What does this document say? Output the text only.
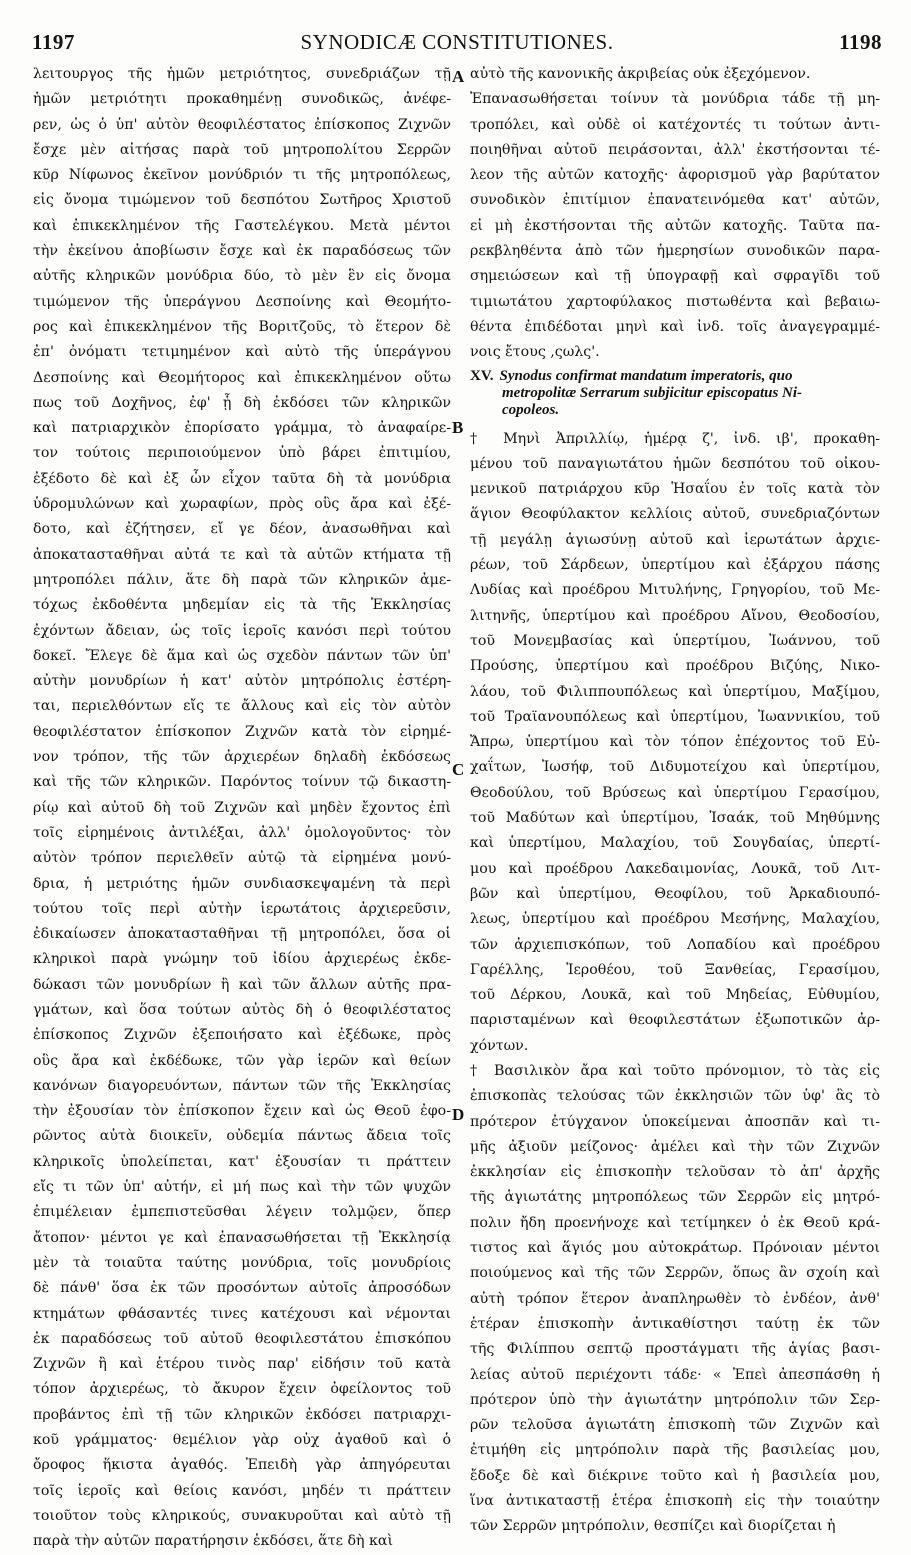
1197	SYNODICÆ CONSTITUTIONES.	1198
λειτουργος τῆς ἡμῶν μετριότητος, συνεδριάζων τῇ
ἡμῶν μετριότητι προκαθημένῃ συνοδικῶς, ἀνέφε-
ρεν, ὡς ὁ ὑπ' αὐτὸν θεοφιλέστατος ἐπίσκοπος Ζιχνῶν
ἔσχε μὲν αἰτήσας παρὰ τοῦ μητροπολίτου Σερρῶν
κῦρ Νίφωνος ἐκεῖνον μονύδριόν τι τῆς μητροπόλεως,
εἰς ὄνομα τιμώμενον τοῦ δεσπότου Σωτῆρος Χριστοῦ
καὶ ἐπικεκλημένον τῆς Γαστελέγκου. Μετὰ μέντοι
τὴν ἐκείνου ἀποβίωσιν ἔσχε καὶ ἐκ παραδόσεως τῶν
αὐτῆς κληρικῶν μονύδρια δύο, τὸ μὲν ἓν εἰς ὄνομα
τιμώμενον τῆς ὑπεράγνου Δεσποίνης καὶ Θεομήτο-
ρος καὶ ἐπικεκλημένον τῆς Βοριτζοῦς, τὸ ἕτερον δὲ
ἐπ' ὀνόματι τετιμημένον καὶ αὐτὸ τῆς ὑπεράγνου
Δεσποίνης καὶ Θεομήτορος καὶ ἐπικεκλημένον οὕτω
πως τοῦ Δοχῆνος, ἐφ' ᾗ δὴ ἐκδόσει τῶν κληρικῶν
καὶ πατριαρχικὸν ἐπορίσατο γράμμα, τὸ ἀναφαίρε-
τον τούτοις περιποιούμενον ὑπὸ βάρει ἐπιτιμίου,
ἐξέδοτο δὲ καὶ ἐξ ὧν εἶχον ταῦτα δὴ τὰ μονύδρια
ὑδρομυλώνων καὶ χωραφίων, πρὸς οὓς ἄρα καὶ ἐξέ-
δοτο, καὶ ἐζήτησεν, εἴ γε δέον, ἀνασωθῆναι καὶ
ἀποκατασταθῆναι αὐτά τε καὶ τὰ αὐτῶν κτήματα τῇ
μητροπόλει πάλιν, ἅτε δὴ παρὰ τῶν κληρικῶν ἀμε-
τόχως ἐκδοθέντα μηδεμίαν εἰς τὰ τῆς Ἐκκλησίας
ἐχόντων ἄδειαν, ὡς τοῖς ἱεροῖς κανόσι περὶ τούτου
δοκεῖ. Ἔλεγε δὲ ἅμα καὶ ὡς σχεδὸν πάντων τῶν ὑπ'
αὐτὴν μονυδρίων ἡ κατ' αὐτὸν μητρόπολις ἐστέρη-
ται, περιελθόντων εἴς τε ἄλλους καὶ εἰς τὸν αὐτὸν
θεοφιλέστατον ἐπίσκοπον Ζιχνῶν κατὰ τὸν εἰρημέ-
νον τρόπον, τῆς τῶν ἀρχιερέων δηλαδὴ ἐκδόσεως
καὶ τῆς τῶν κληρικῶν. Παρόντος τοίνυν τῷ δικαστη-
ρίῳ καὶ αὐτοῦ δὴ τοῦ Ζιχνῶν καὶ μηδὲν ἔχοντος ἐπὶ
τοῖς εἰρημένοις ἀντιλέξαι, ἀλλ' ὁμολογοῦντος· τὸν
αὐτὸν τρόπον περιελθεῖν αὐτῷ τὰ εἰρημένα μονύ-
δρια, ἡ μετριότης ἡμῶν συνδιασκεψαμένη τὰ περὶ
τούτου τοῖς περὶ αὐτὴν ἱερωτάτοις ἀρχιερεῦσιν,
ἐδικαίωσεν ἀποκατασταθῆναι τῇ μητροπόλει, ὅσα οἱ
κληρικοὶ παρὰ γνώμην τοῦ ἰδίου ἀρχιερέως ἐκδε-
δώκασι τῶν μονυδρίων ἢ καὶ τῶν ἄλλων αὐτῆς πρα-
γμάτων, καὶ ὅσα τούτων αὐτὸς δὴ ὁ θεοφιλέστατος
ἐπίσκοπος Ζιχνῶν ἐξεποιήσατο καὶ ἐξέδωκε, πρὸς
οὓς ἄρα καὶ ἐκδέδωκε, τῶν γὰρ ἱερῶν καὶ θείων
κανόνων διαγορευόντων, πάντων τῶν τῆς Ἐκκλησίας
τὴν ἐξουσίαν τὸν ἐπίσκοπον ἔχειν καὶ ὡς Θεοῦ ἐφο-
ρῶντος αὐτὰ διοικεῖν, οὐδεμία πάντως ἄδεια τοῖς
κληρικοῖς ὑπολείπεται, κατ' ἐξουσίαν τι πράττειν
εἴς τι τῶν ὑπ' αὐτήν, εἰ μή πως καὶ τὴν τῶν ψυχῶν
ἐπιμέλειαν ἐμπεπιστεῦσθαι λέγειν τολμῷεν, ὅπερ
ἄτοπον· μέντοι γε καὶ ἐπανασωθήσεται τῇ Ἐκκλησίᾳ
μὲν τὰ τοιαῦτα ταύτης μονύδρια, τοῖς μονυδρίοις
δὲ πάνθ' ὅσα ἐκ τῶν προσόντων αὐτοῖς ἀπροσόδων
κτημάτων φθάσαντές τινες κατέχουσι καὶ νέμονται
ἐκ παραδόσεως τοῦ αὐτοῦ θεοφιλεστάτου ἐπισκόπου
Ζιχνῶν ἢ καὶ ἑτέρου τινὸς παρ' εἰδήσιν τοῦ κατὰ
τόπον ἀρχιερέως, τὸ ἄκυρον ἔχειν ὀφείλοντος τοῦ
προβάντος ἐπὶ τῇ τῶν κληρικῶν ἐκδόσει πατριαρχι-
κοῦ γράμματος· θεμέλιον γὰρ οὐχ ἀγαθοῦ καὶ ὁ
ὄροφος ἥκιστα ἀγαθός. Ἐπειδὴ γὰρ ἀπηγόρευται
τοῖς ἱεροῖς καὶ θείοις κανόσι, μηδέν τι πράττειν
τοιοῦτον τοὺς κληρικούς, συνακυροῦται καὶ αὐτὸ τῇ
παρὰ τὴν αὐτῶν παρατήρησιν ἐκδόσει, ἅτε δὴ καὶ
A
B
C
D
αὐτὸ τῆς κανονικῆς ἀκριβείας οὐκ ἐξεχόμενον.
Ἐπανασωθήσεται τοίνυν τὰ μονύδρια τάδε τῇ μη-
τροπόλει, καὶ οὐδὲ οἱ κατέχοντές τι τούτων ἀντι-
ποιηθῆναι αὐτοῦ πειράσονται, ἀλλ' ἐκστήσονται τέ-
λεον τῆς αὐτῶν κατοχῆς· ἀφορισμοῦ γὰρ βαρύτατον
συνοδικὸν ἐπιτίμιον ἐπανατεινόμεθα κατ' αὐτῶν,
εἰ μὴ ἐκστήσονται τῆς αὐτῶν κατοχῆς. Ταῦτα πα-
ρεκβληθέντα ἀπὸ τῶν ἡμερησίων συνοδικῶν παρα-
σημειώσεων καὶ τῇ ὑπογραφῇ καὶ σφραγῖδι τοῦ
τιμιωτάτου χαρτοφύλακος πιστωθέντα καὶ βεβαιω-
θέντα ἐπιδέδοται μηνὶ καὶ ἰνδ. τοῖς ἀναγεγραμμέ-
νοις ἔτους ,ςωλς'.
XV. Synodus confirmat mandatum imperatoris, quo
metropolitæ Serrarum subjicitur episcopatus Ni-
copoleos.
† Μηνὶ Ἀπριλλίῳ, ἡμέρᾳ ζ', ἰνδ. ιβ', προκαθη-
μένου τοῦ παναγιωτάτου ἡμῶν δεσπότου τοῦ οἰκου-
μενικοῦ πατριάρχου κῦρ Ἡσαΐου ἐν τοῖς κατὰ τὸν
ἅγιον Θεοφύλακτον κελλίοις αὐτοῦ, συνεδριαζόντων
τῇ μεγάλῃ ἁγιωσύνῃ αὐτοῦ καὶ ἱερωτάτων ἀρχιε-
ρέων, τοῦ Σάρδεων, ὑπερτίμου καὶ ἐξάρχου πάσης
Λυδίας καὶ προέδρου Μιτυλήνης, Γρηγορίου, τοῦ Με-
λιτηνῆς, ὑπερτίμου καὶ προέδρου Αἴνου, Θεοδοσίου,
τοῦ Μονεμβασίας καὶ ὑπερτίμου, Ἰωάννου, τοῦ
Προύσης, ὑπερτίμου καὶ προέδρου Βιζύης, Νικο-
λάου, τοῦ Φιλιππουπόλεως καὶ ὑπερτίμου, Μαξίμου,
τοῦ Τραϊανουπόλεως καὶ ὑπερτίμου, Ἰωαννικίου, τοῦ
Ἄπρω, ὑπερτίμου καὶ τὸν τόπον ἐπέχοντος τοῦ Εὐ-
χαΐτων, Ἰωσήφ, τοῦ Διδυμοτείχου καὶ ὑπερτίμου,
Θεοδούλου, τοῦ Βρύσεως καὶ ὑπερτίμου Γερασίμου,
τοῦ Μαδύτων καὶ ὑπερτίμου, Ἰσαάκ, τοῦ Μηθύμνης
καὶ ὑπερτίμου, Μαλαχίου, τοῦ Σουγδαίας, ὑπερτί-
μου καὶ προέδρου Λακεδαιμονίας, Λουκᾶ, τοῦ Λιτ-
βῶν καὶ ὑπερτίμου, Θεοφίλου, τοῦ Ἀρκαδιουπό-
λεως, ὑπερτίμου καὶ προέδρου Μεσήνης, Μαλαχίου,
τῶν ἀρχιεπισκόπων, τοῦ Λοπαδίου καὶ προέδρου
Γαρέλλης, Ἱεροθέου, τοῦ Ξανθείας, Γερασίμου,
τοῦ Δέρκου, Λουκᾶ, καὶ τοῦ Μηδείας, Εὐθυμίου,
παρισταμένων καὶ θεοφιλεστάτων ἐξωποτικῶν ἀρ-
χόντων.
† Βασιλικὸν ἄρα καὶ τοῦτο πρόνομιον, τὸ τὰς εἰς
ἐπισκοπὰς τελούσας τῶν ἐκκλησιῶν τῶν ὑφ' ἃς τὸ
πρότερον ἐτύγχανον ὑποκείμεναι ἀποσπᾶν καὶ τι-
μῆς ἀξιοῦν μείζονος· ἀμέλει καὶ τὴν τῶν Ζιχνῶν
ἐκκλησίαν εἰς ἐπισκοπὴν τελοῦσαν τὸ ἀπ' ἀρχῆς
τῆς ἁγιωτάτης μητροπόλεως τῶν Σερρῶν εἰς μητρό-
πολιν ἤδη προενήνοχε καὶ τετίμηκεν ὁ ἐκ Θεοῦ κρά-
τιστος καὶ ἅγιός μου αὐτοκράτωρ. Πρόνοιαν μέντοι
ποιούμενος καὶ τῆς τῶν Σερρῶν, ὅπως ἂν σχοίη καὶ
αὐτὴ τρόπον ἕτερον ἀναπληρωθὲν τὸ ἐνδέον, ἀνθ'
ἑτέραν ἐπισκοπὴν ἀντικαθίστησι ταύτῃ ἐκ τῶν
τῆς Φιλίππου σεπτῷ προστάγματι τῆς ἁγίας βασι-
λείας αὐτοῦ περιέχοντι τάδε· « Ἐπεὶ ἀπεσπάσθη ἡ
πρότερον ὑπὸ τὴν ἁγιωτάτην μητρόπολιν τῶν Σερ-
ρῶν τελοῦσα ἁγιωτάτη ἐπισκοπὴ τῶν Ζιχνῶν καὶ
ἐτιμήθη εἰς μητρόπολιν παρὰ τῆς βασιλείας μου,
ἔδοξε δὲ καὶ διέκρινε τοῦτο καὶ ἡ βασιλεία μου,
ἵνα ἀντικαταστῇ ἑτέρα ἐπισκοπὴ εἰς τὴν τοιαύτην
τῶν Σερρῶν μητρόπολιν, θεσπίζει καὶ διορίζεται ἡ
